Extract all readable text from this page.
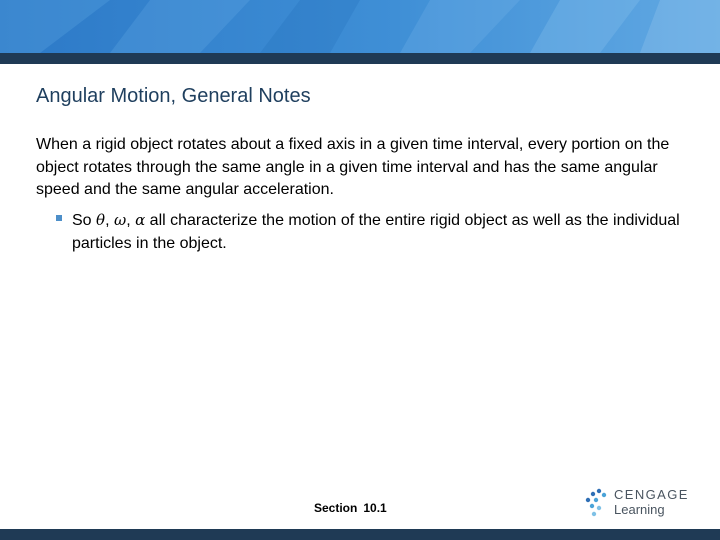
Angular Motion, General Notes

When a rigid object rotates about a fixed axis in a given time interval, every portion on the object rotates through the same angle in a given time interval and has the same angular speed and the same angular acceleration.

So θ, ω, α all characterize the motion of the entire rigid object as well as the individual particles in the object.

Section 10.1

CENGAGE
Learning
